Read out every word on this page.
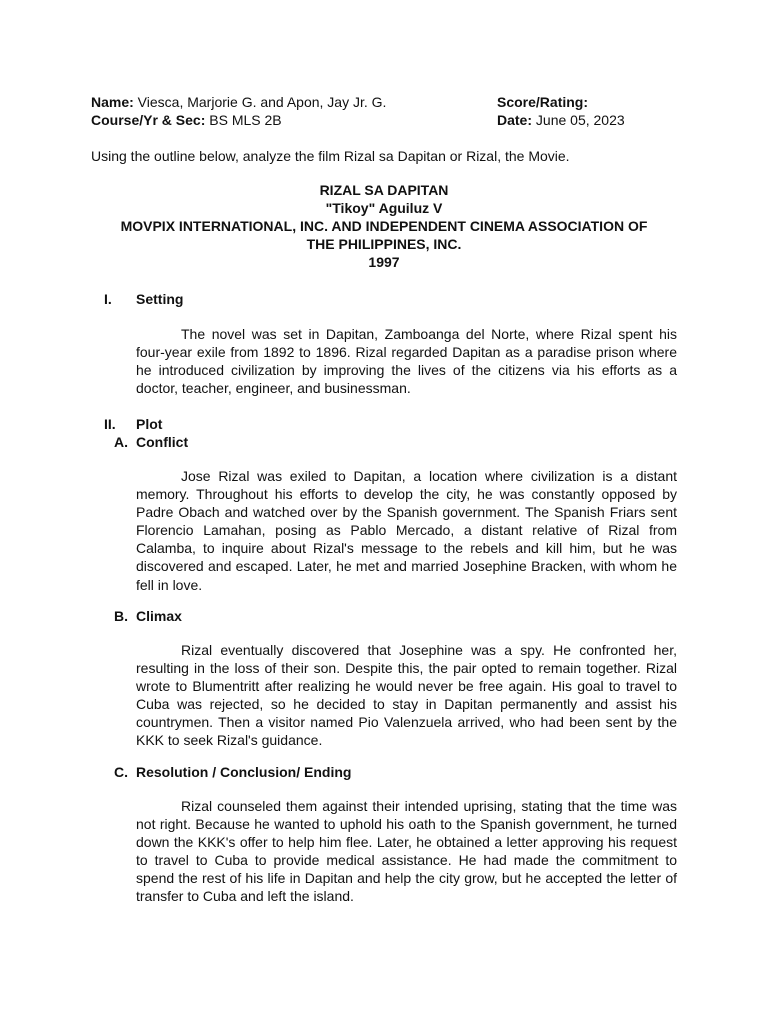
Name: Viesca, Marjorie G. and Apon, Jay Jr. G.
Course/Yr & Sec: BS MLS 2B
Score/Rating:
Date: June 05, 2023
Using the outline below, analyze the film Rizal sa Dapitan or Rizal, the Movie.
RIZAL SA DAPITAN
"Tikoy" Aguiluz V
MOVPIX INTERNATIONAL, INC. AND INDEPENDENT CINEMA ASSOCIATION OF
THE PHILIPPINES, INC.
1997
I.	Setting
The novel was set in Dapitan, Zamboanga del Norte, where Rizal spent his four-year exile from 1892 to 1896. Rizal regarded Dapitan as a paradise prison where he introduced civilization by improving the lives of the citizens via his efforts as a doctor, teacher, engineer, and businessman.
II.	Plot
A. Conflict
Jose Rizal was exiled to Dapitan, a location where civilization is a distant memory. Throughout his efforts to develop the city, he was constantly opposed by Padre Obach and watched over by the Spanish government. The Spanish Friars sent Florencio Lamahan, posing as Pablo Mercado, a distant relative of Rizal from Calamba, to inquire about Rizal's message to the rebels and kill him, but he was discovered and escaped. Later, he met and married Josephine Bracken, with whom he fell in love.
B. Climax
Rizal eventually discovered that Josephine was a spy. He confronted her, resulting in the loss of their son. Despite this, the pair opted to remain together. Rizal wrote to Blumentritt after realizing he would never be free again. His goal to travel to Cuba was rejected, so he decided to stay in Dapitan permanently and assist his countrymen. Then a visitor named Pio Valenzuela arrived, who had been sent by the KKK to seek Rizal's guidance.
C. Resolution / Conclusion/ Ending
Rizal counseled them against their intended uprising, stating that the time was not right. Because he wanted to uphold his oath to the Spanish government, he turned down the KKK's offer to help him flee. Later, he obtained a letter approving his request to travel to Cuba to provide medical assistance. He had made the commitment to spend the rest of his life in Dapitan and help the city grow, but he accepted the letter of transfer to Cuba and left the island.
